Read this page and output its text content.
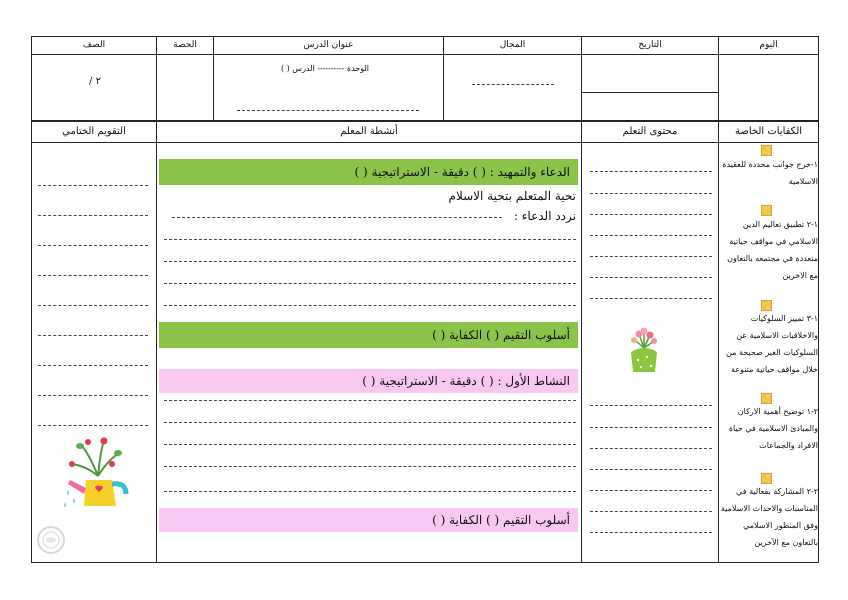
اليوم
التاريخ
المجال
عنوان الدرس
الحصة
الصف
الوحدة ---------- الدرس ( )
٢ /
الكفايات الخاصة
محتوى التعلم
أنشطة المعلم
التقويم الختامي
١-خرج جوانب محددة للعقيدة الاسلامية
١-٢ تطبيق تعاليم الدين الاسلامي في مواقف حياتية متعددة في مجتمعه بالتعاون مع الاخرين
١-٣ تمييز السلوكيات والاخلاقيات الاسلامية عن السلوكيات الغير صحيحة من خلال مواقف حياتية متنوعة
٢-١ توضيح أهمية الاركان والمبادئ الاسلامية في حياة الافراد والجماعات
٢-٢ المشاركة بفعالية في المناسبات والاحداث الاسلامية وفق المنظور الاسلامي بالتعاون مع الآخرين
الدعاء والتمهيد : ( ) دقيقة - الاستراتيجية ( )
تحية المتعلم بتحية الاسلام
نردد الدعاء :
أسلوب التقيم ( ) الكفاية ( )
النشاط الأول : ( ) دقيقة - الاستراتيجية ( )
أسلوب التقيم ( ) الكفاية ( )
